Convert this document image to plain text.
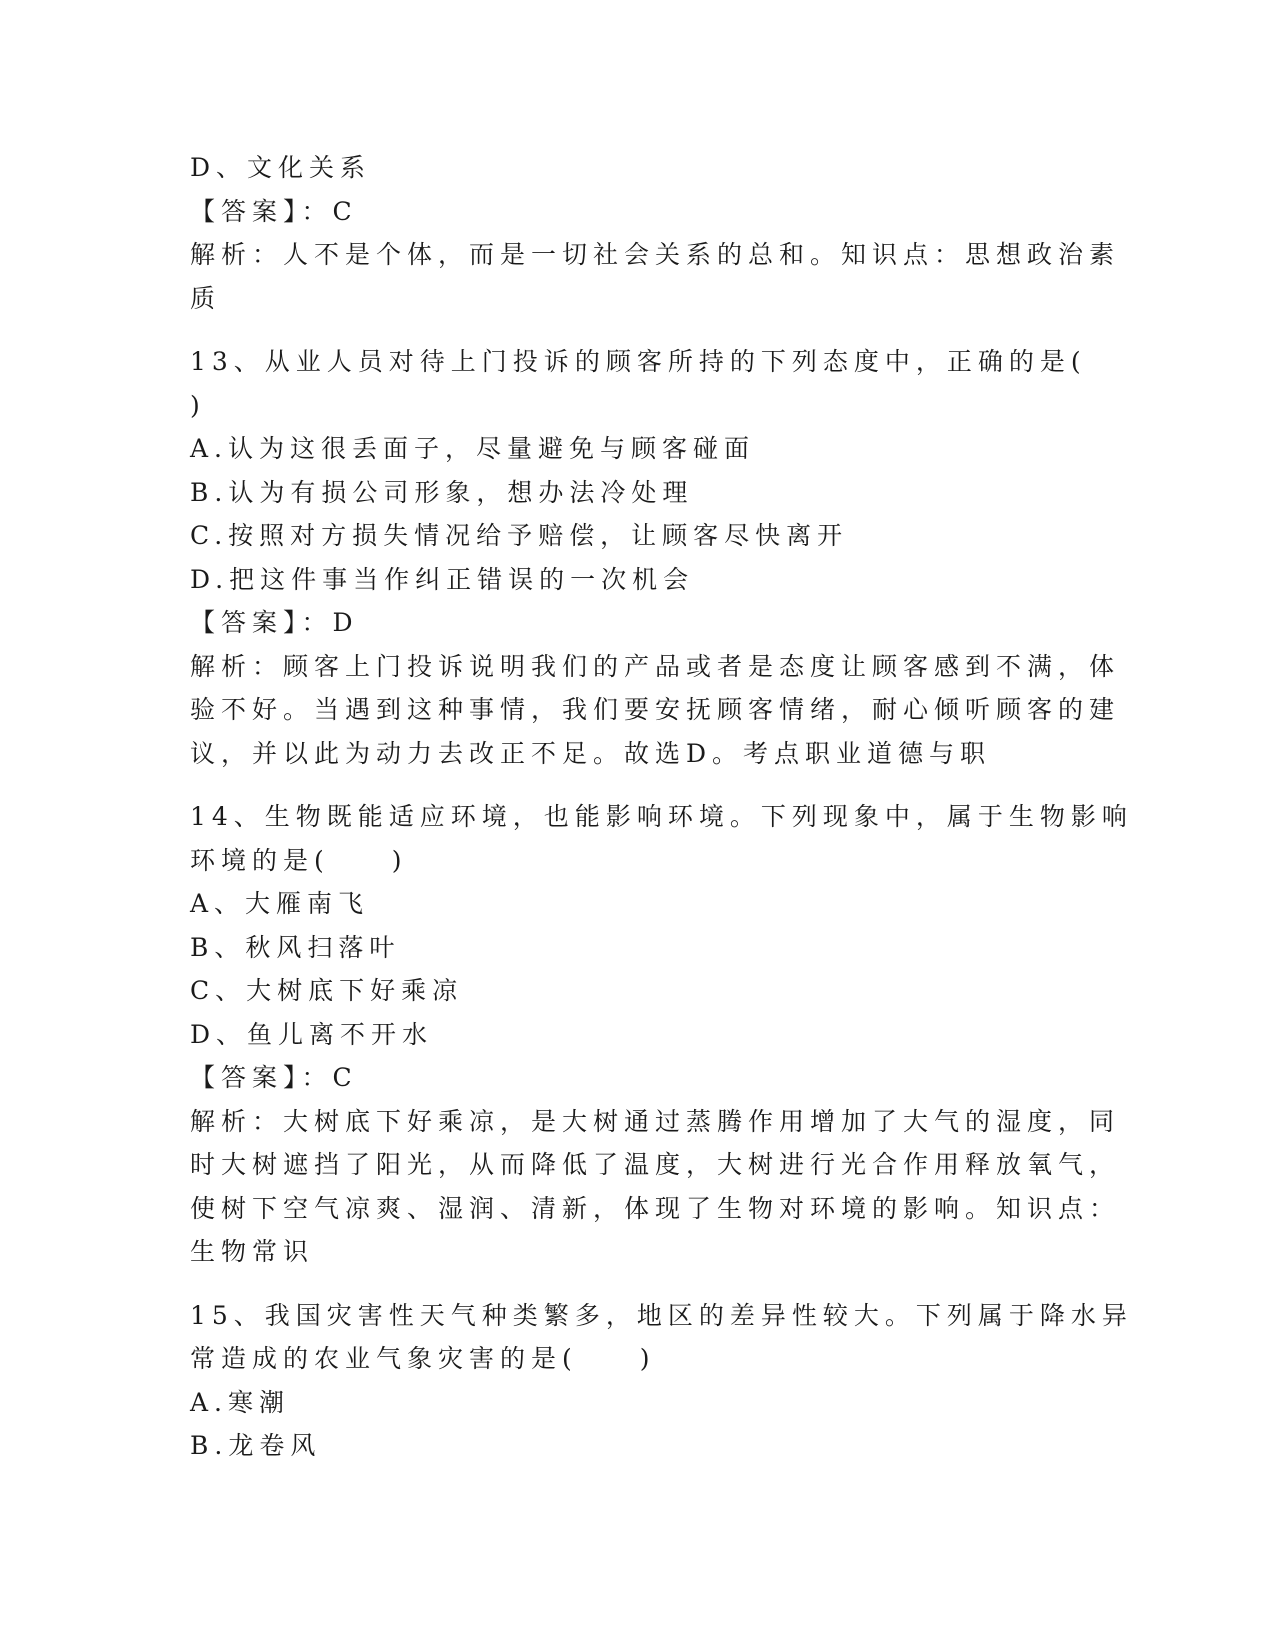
D、文化关系
【答案】：C
解析：人不是个体，而是一切社会关系的总和。知识点：思想政治素
质
13、从业人员对待上门投诉的顾客所持的下列态度中，正确的是(
)
A.认为这很丢面子，尽量避免与顾客碰面
B.认为有损公司形象，想办法冷处理
C.按照对方损失情况给予赔偿，让顾客尽快离开
D.把这件事当作纠正错误的一次机会
【答案】：D
解析：顾客上门投诉说明我们的产品或者是态度让顾客感到不满，体
验不好。当遇到这种事情，我们要安抚顾客情绪，耐心倾听顾客的建
议，并以此为动力去改正不足。故选D。考点职业道德与职
14、生物既能适应环境，也能影响环境。下列现象中，属于生物影响
环境的是(　　)
A、大雁南飞
B、秋风扫落叶
C、大树底下好乘凉
D、鱼儿离不开水
【答案】：C
解析：大树底下好乘凉，是大树通过蒸腾作用增加了大气的湿度，同
时大树遮挡了阳光，从而降低了温度，大树进行光合作用释放氧气，
使树下空气凉爽、湿润、清新，体现了生物对环境的影响。知识点：
生物常识
15、我国灾害性天气种类繁多，地区的差异性较大。下列属于降水异
常造成的农业气象灾害的是(　　)
A.寒潮
B.龙卷风
